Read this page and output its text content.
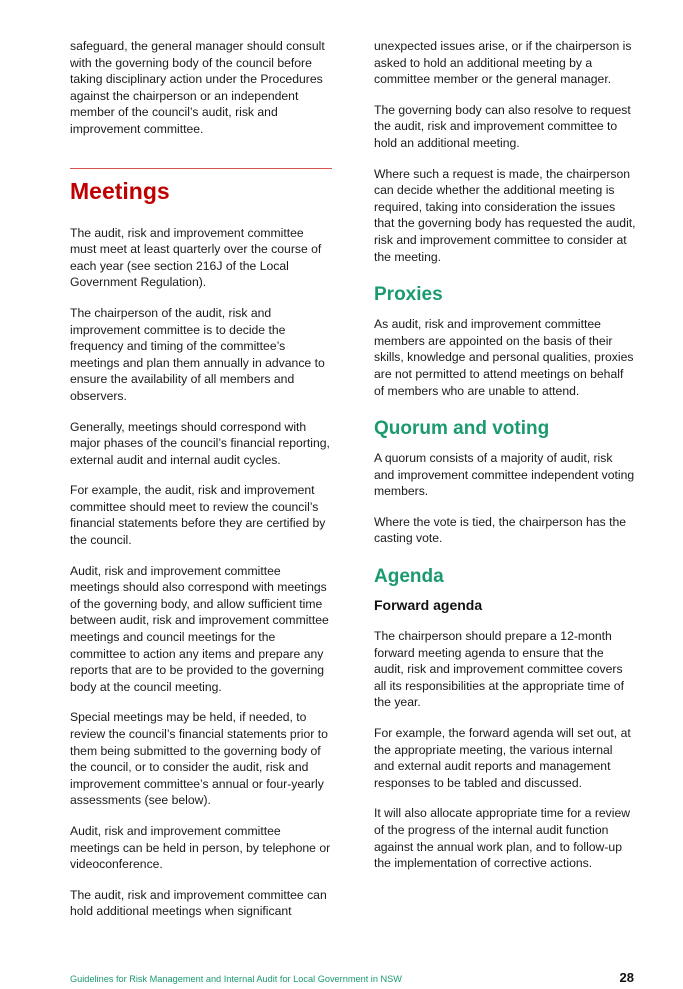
safeguard, the general manager should consult with the governing body of the council before taking disciplinary action under the Procedures against the chairperson or an independent member of the council’s audit, risk and improvement committee.

Meetings

The audit, risk and improvement committee must meet at least quarterly over the course of each year (see section 216J of the Local Government Regulation).

The chairperson of the audit, risk and improvement committee is to decide the frequency and timing of the committee’s meetings and plan them annually in advance to ensure the availability of all members and observers.

Generally, meetings should correspond with major phases of the council’s financial reporting, external audit and internal audit cycles.

For example, the audit, risk and improvement committee should meet to review the council’s financial statements before they are certified by the council.

Audit, risk and improvement committee meetings should also correspond with meetings of the governing body, and allow sufficient time between audit, risk and improvement committee meetings and council meetings for the committee to action any items and prepare any reports that are to be provided to the governing body at the council meeting.

Special meetings may be held, if needed, to review the council’s financial statements prior to them being submitted to the governing body of the council, or to consider the audit, risk and improvement committee’s annual or four-yearly assessments (see below).

Audit, risk and improvement committee meetings can be held in person, by telephone or videoconference.

The audit, risk and improvement committee can hold additional meetings when significant

unexpected issues arise, or if the chairperson is asked to hold an additional meeting by a committee member or the general manager.

The governing body can also resolve to request the audit, risk and improvement committee to hold an additional meeting.

Where such a request is made, the chairperson can decide whether the additional meeting is required, taking into consideration the issues that the governing body has requested the audit, risk and improvement committee to consider at the meeting.

Proxies

As audit, risk and improvement committee members are appointed on the basis of their skills, knowledge and personal qualities, proxies are not permitted to attend meetings on behalf of members who are unable to attend.

Quorum and voting

A quorum consists of a majority of audit, risk and improvement committee independent voting members.

Where the vote is tied, the chairperson has the casting vote.

Agenda
Forward agenda

The chairperson should prepare a 12-month forward meeting agenda to ensure that the audit, risk and improvement committee covers all its responsibilities at the appropriate time of the year.

For example, the forward agenda will set out, at the appropriate meeting, the various internal and external audit reports and management responses to be tabled and discussed.

It will also allocate appropriate time for a review of the progress of the internal audit function against the annual work plan, and to follow-up the implementation of corrective actions.

Guidelines for Risk Management and Internal Audit for Local Government in NSW	28
